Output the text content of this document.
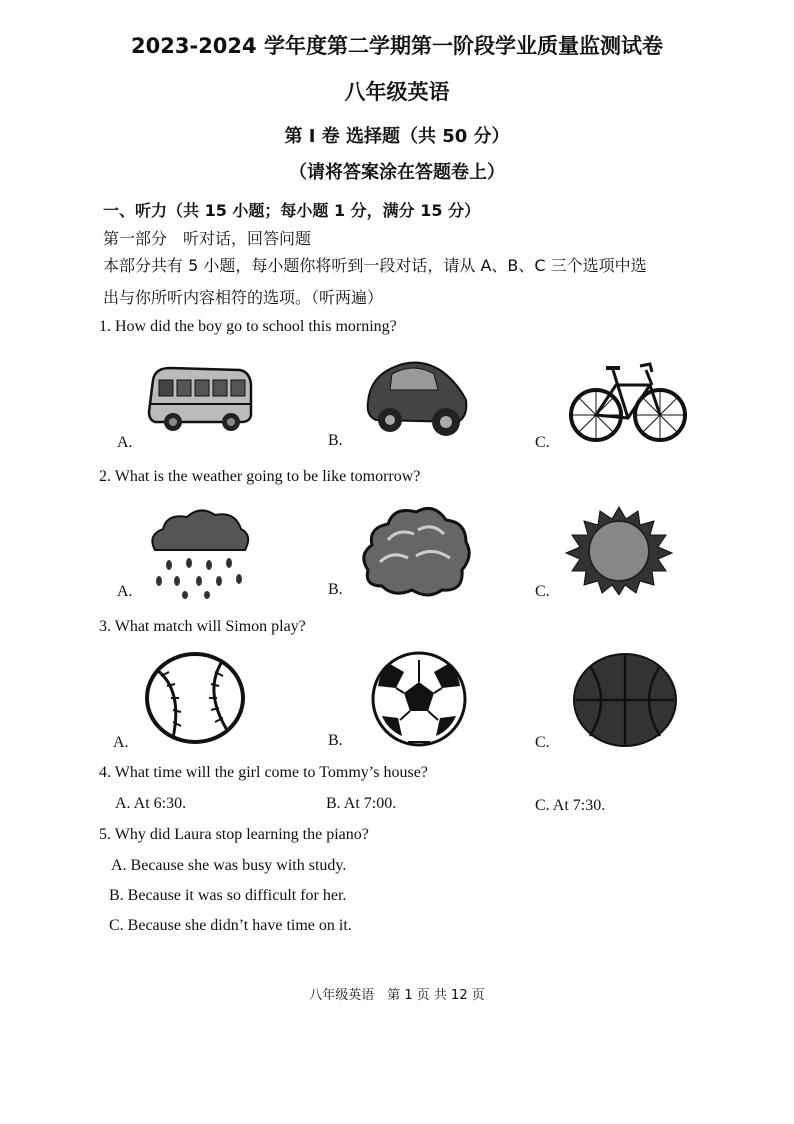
2023-2024 学年度第二学期第一阶段学业质量监测试卷
八年级英语
第 I 卷 选择题（共 50 分）
（请将答案涂在答题卷上）
一、听力（共 15 小题；每小题 1 分，满分 15 分）
第一部分　听对话，回答问题
本部分共有 5 小题，每小题你将听到一段对话，请从 A、B、C 三个选项中选
出与你所听内容相符的选项。（听两遍）
1. How did the boy go to school this morning?
A.	B.	C.
2. What is the weather going to be like tomorrow?
A.	B.	C.
3. What match will Simon play?
A.	B.	C.
4. What time will the girl come to Tommy’s house?
A. At 6:30.	B. At 7:00.	C. At 7:30.
5. Why did Laura stop learning the piano?
A. Because she was busy with study.
B. Because it was so difficult for her.
C. Because she didn’t have time on it.
八年级英语　第 1 页 共 12 页
